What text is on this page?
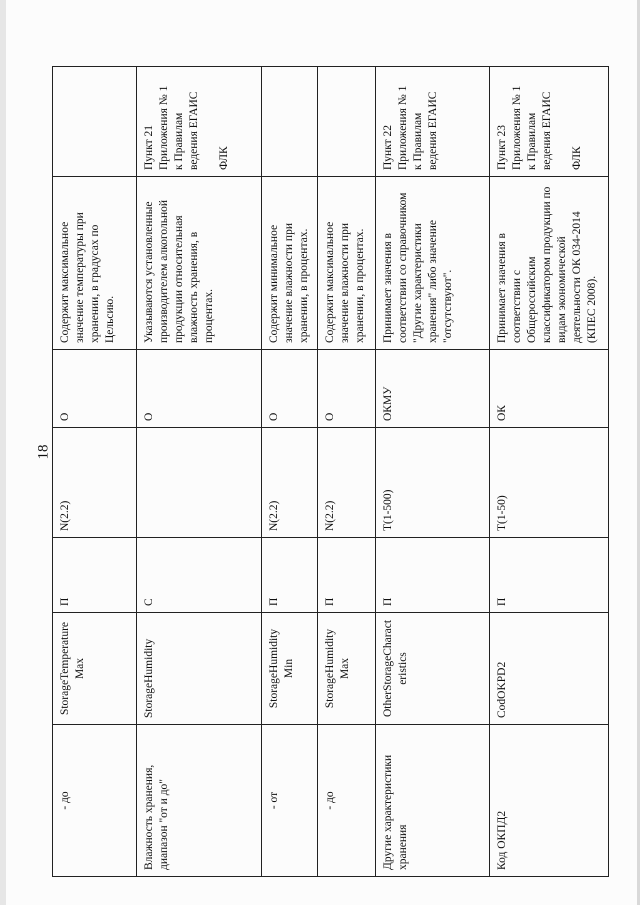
18
- до	StorageTemperatureMax	П	N(2.2)	О	Содержит максимальное значение температуры при хранении, в градусах по Цельсию.	
Влажность хранения, диапазон "от и до"	StorageHumidity	С		О	Указываются установленные производителем алкогольной продукции относительная влажность хранения, в процентах.	Пункт 21
Приложения № 1
к Правилам
ведения ЕГАИС

ФЛК
- от	StorageHumidity Min	П	N(2.2)	О	Содержит минимальное значение влажности при хранении, в процентах.	
- до	StorageHumidity Max	П	N(2.2)	О	Содержит максимальное значение влажности при хранении, в процентах.	
Другие характеристики хранения	OtherStorageCharacteristics	П	Т(1-500)	ОКМУ	Принимает значения в соответствии со справочником "Другие характеристики хранения" либо значение "отсутствуют".	Пункт 22
Приложения № 1
к Правилам
ведения ЕГАИС
Код ОКПД2	CodOKPD2	П	Т(1-50)	ОК	Принимает значения в соответствии с Общероссийским классификатором продукции по видам экономической деятельности ОК 034-2014 (КПЕС 2008).	Пункт 23
Приложения № 1
к Правилам
ведения ЕГАИС

ФЛК
